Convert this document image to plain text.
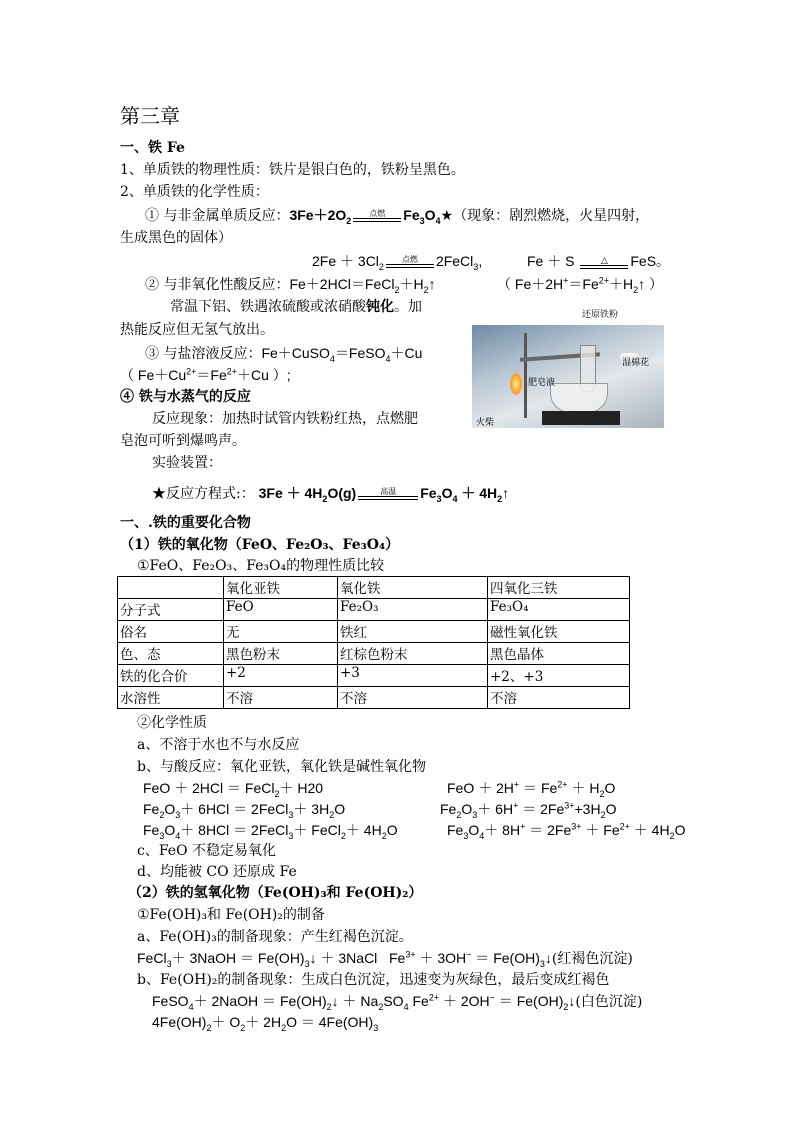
第三章
一、铁 Fe
1、单质铁的物理性质：铁片是银白色的，铁粉呈黑色。
2、单质铁的化学性质：
① 与非金属单质反应：$3Fe+2O_2$
点燃	$Fe_3O_4★$（现象：剧烈燃烧，火星四射，
生成黑色的固体）
$2Fe + 3Cl_2$
点燃	2FeCl$_3$,	Fe ＋ S	△	FeS。
② 与非氧化性酸反应：$Fe+2HCl=FeCl_2+H_2↑$	（ $Fe+2H^+=Fe^{2+}+H_2↑$ ）
常温下铝、铁遇浓硫酸或浓硝酸钝化。加
热能反应但无氢气放出。
③ 与盐溶液反应：Fe＋CuSO$_4$＝FeSO$_4$＋Cu
（ $Fe+Cu^{2+}=Fe^{2+}+Cu$ ）;
④ 铁与水蒸气的反应
反应现象：加热时试管内铁粉红热，点燃肥
皂泡可听到爆鸣声。
实验装置：
还原铁粉
湿棉花
肥皂液
火柴
★反应方程式:： $3Fe + 4H_2O(g)$	高温	$Fe_3O_4$ ＋ $4H_2↑$
一、.铁的重要化合物
（1）铁的氧化物（FeO、Fe₂O₃、Fe₃O₄）
①FeO、Fe₂O₃、Fe₃O₄的物理性质比较
	氧化亚铁	氧化铁	四氧化三铁
分子式	FeO	Fe₂O₃	Fe₃O₄
俗名	无	铁红	磁性氧化铁
色、态	黑色粉末	红棕色粉末	黑色晶体
铁的化合价	+2	+3	+2、+3
水溶性	不溶	不溶	不溶
②化学性质
a、不溶于水也不与水反应
b、与酸反应：氧化亚铁，氧化铁是碱性氧化物
FeO ＋ 2HCl ＝ FeCl$_2$＋ H20	FeO ＋ $2H^+ = Fe^{2+} + H_2O$
$Fe_2O_3+ 6HCl$ ＝ 2FeCl$_3$＋ $3H_2O$	$Fe_2O_3+ 6H^+ = 2Fe^{3+}+3H_2O$
$Fe_3O_4+ 8HCl$ ＝ 2FeCl$_3$＋ FeCl$_2$＋ $4H_2O$	$Fe_3O_4+ 8H^+ = 2Fe^{3+} + Fe^{2+} + 4H_2O$
c、FeO 不稳定易氧化
d、均能被 CO 还原成 Fe
（2）铁的氢氧化物（Fe(OH)₃和 Fe(OH)₂）
①Fe(OH)₃和 Fe(OH)₂的制备
a、Fe(OH)₃的制备现象：产生红褐色沉淀。
FeCl$_3$＋ 3NaOH ＝ $Fe(OH)_3↓$ ＋ 3NaCl   $Fe^{3+} + 3OH^-$ ＝ $Fe(OH)_3↓$(红褐色沉淀)
b、Fe(OH)₂的制备现象：生成白色沉淀，迅速变为灰绿色，最后变成红褐色
FeSO$_4$＋ 2NaOH ＝ $Fe(OH)_2↓ + Na_2SO_4$ $Fe^{2+} + 2OH^-$ ＝ $Fe(OH)_2↓$(白色沉淀)
$4Fe(OH)_2+ O_2+ 2H_2O = 4Fe(OH)_3$
